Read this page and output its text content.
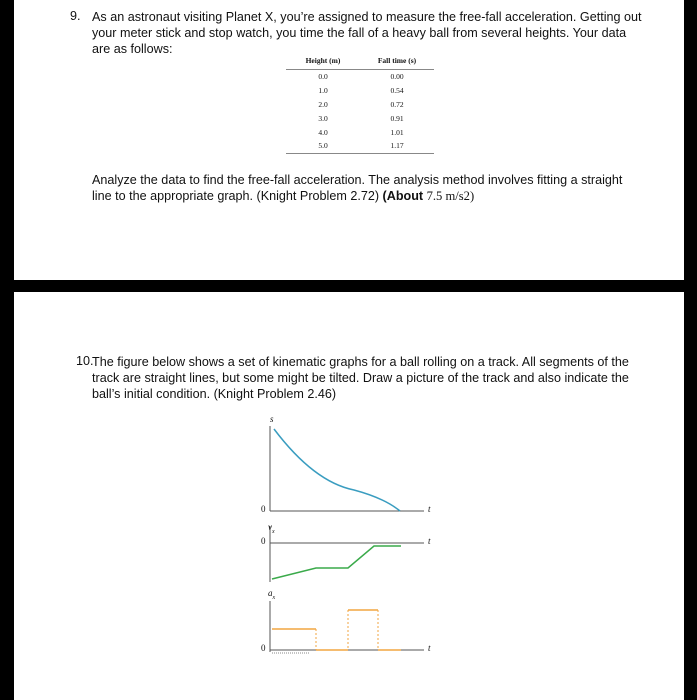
9. As an astronaut visiting Planet X, you’re assigned to measure the free-fall acceleration. Getting out
your meter stick and stop watch, you time the fall of a heavy ball from several heights. Your data
are as follows:
Height (m)	Fall time (s)
0.0	0.00
1.0	0.54
2.0	0.72
3.0	0.91
4.0	1.01
5.0	1.17
Analyze the data to find the free-fall acceleration. The analysis method involves fitting a straight
line to the appropriate graph. (Knight Problem 2.72) (About 7.5 m/s2)
10.
The figure below shows a set of kinematic graphs for a ball rolling on a track. All segments of the
track are straight lines, but some might be tilted. Draw a picture of the track and also indicate the
ball’s initial condition. (Knight Problem 2.46)
s
0	t
$v_x$
0	t
$a_x$
0	t
